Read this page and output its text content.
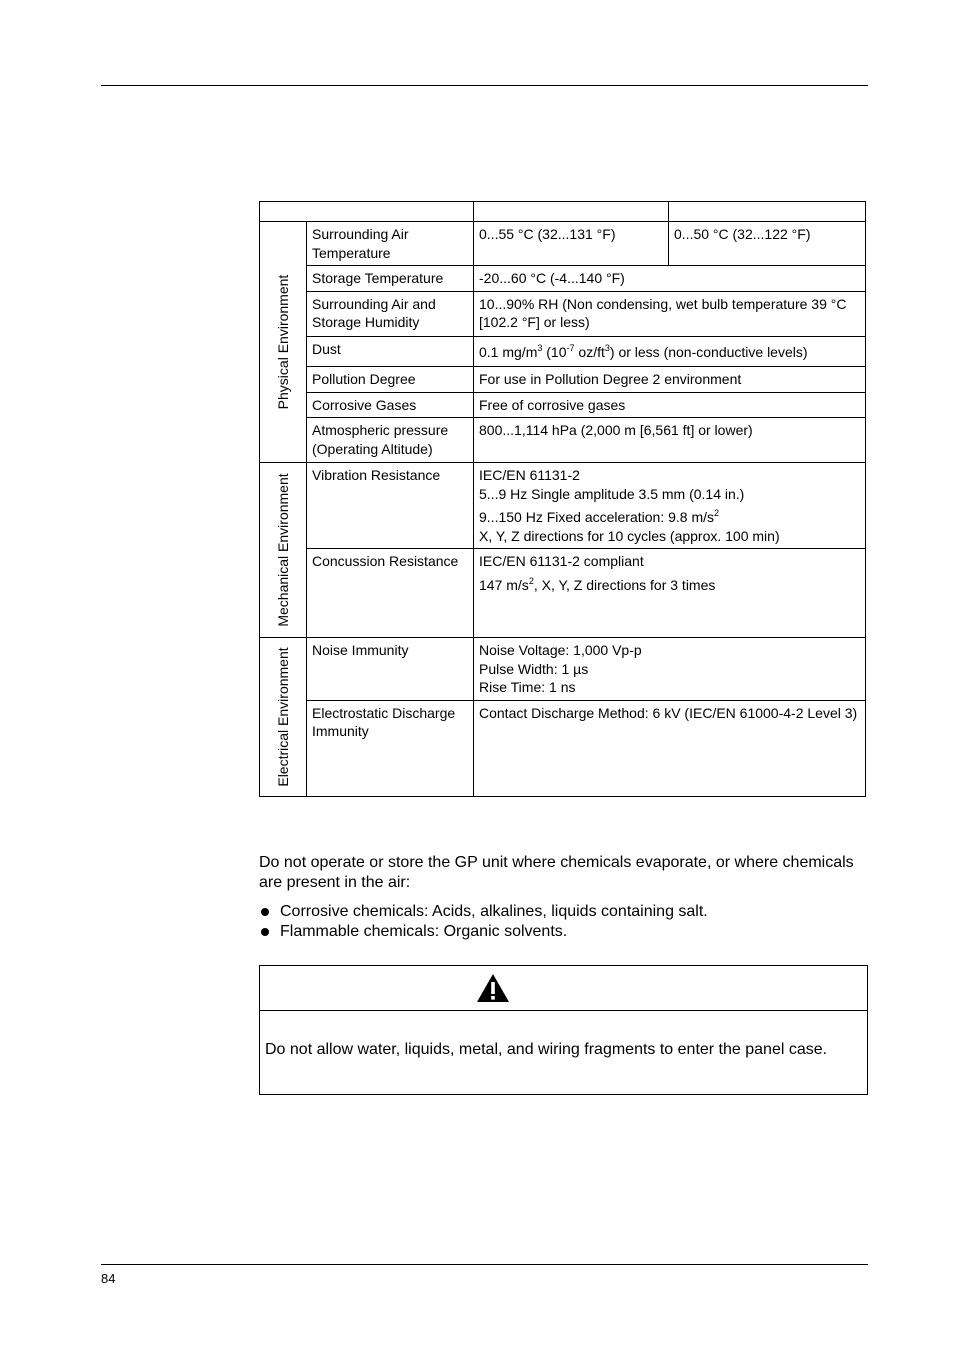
Physical Environment	Surrounding Air Temperature	0...55 °C (32...131 °F)	0...50 °C (32...122 °F)
	Storage Temperature	-20...60 °C (-4...140 °F)	
	Surrounding Air and Storage Humidity	10...90% RH (Non condensing, wet bulb temperature 39 °C [102.2 °F] or less)	
	Dust	0.1 $mg/m^3$ ($10^{-7}$ $oz/ft^3$) or less (non-conductive levels)	
	Pollution Degree	For use in Pollution Degree 2 environment	
	Corrosive Gases	Free of corrosive gases	
	Atmospheric pressure (Operating Altitude)	800...1,114 hPa (2,000 m [6,561 ft] or lower)	

Mechanical Environment	Vibration Resistance	IEC/EN 61131-2
5...9 Hz Single amplitude 3.5 mm (0.14 in.)
9...150 Hz Fixed acceleration: 9.8 $m/s^2$
X, Y, Z directions for 10 cycles (approx. 100 min)	

	Concussion Resistance	IEC/EN 61131-2 compliant
147 $m/s^2$, X, Y, Z directions for 3 times	

Electrical Environment	Noise Immunity	Noise Voltage: 1,000 Vp-p
Pulse Width: 1 µs
Rise Time: 1 ns	

	Electrostatic Discharge Immunity	Contact Discharge Method: 6 kV (IEC/EN 61000-4-2 Level 3)	
Do not operate or store the GP unit where chemicals evaporate, or where chemicals are present in the air:
Corrosive chemicals: Acids, alkalines, liquids containing salt.
Flammable chemicals: Organic solvents.
Do not allow water, liquids, metal, and wiring fragments to enter the panel case.
84
